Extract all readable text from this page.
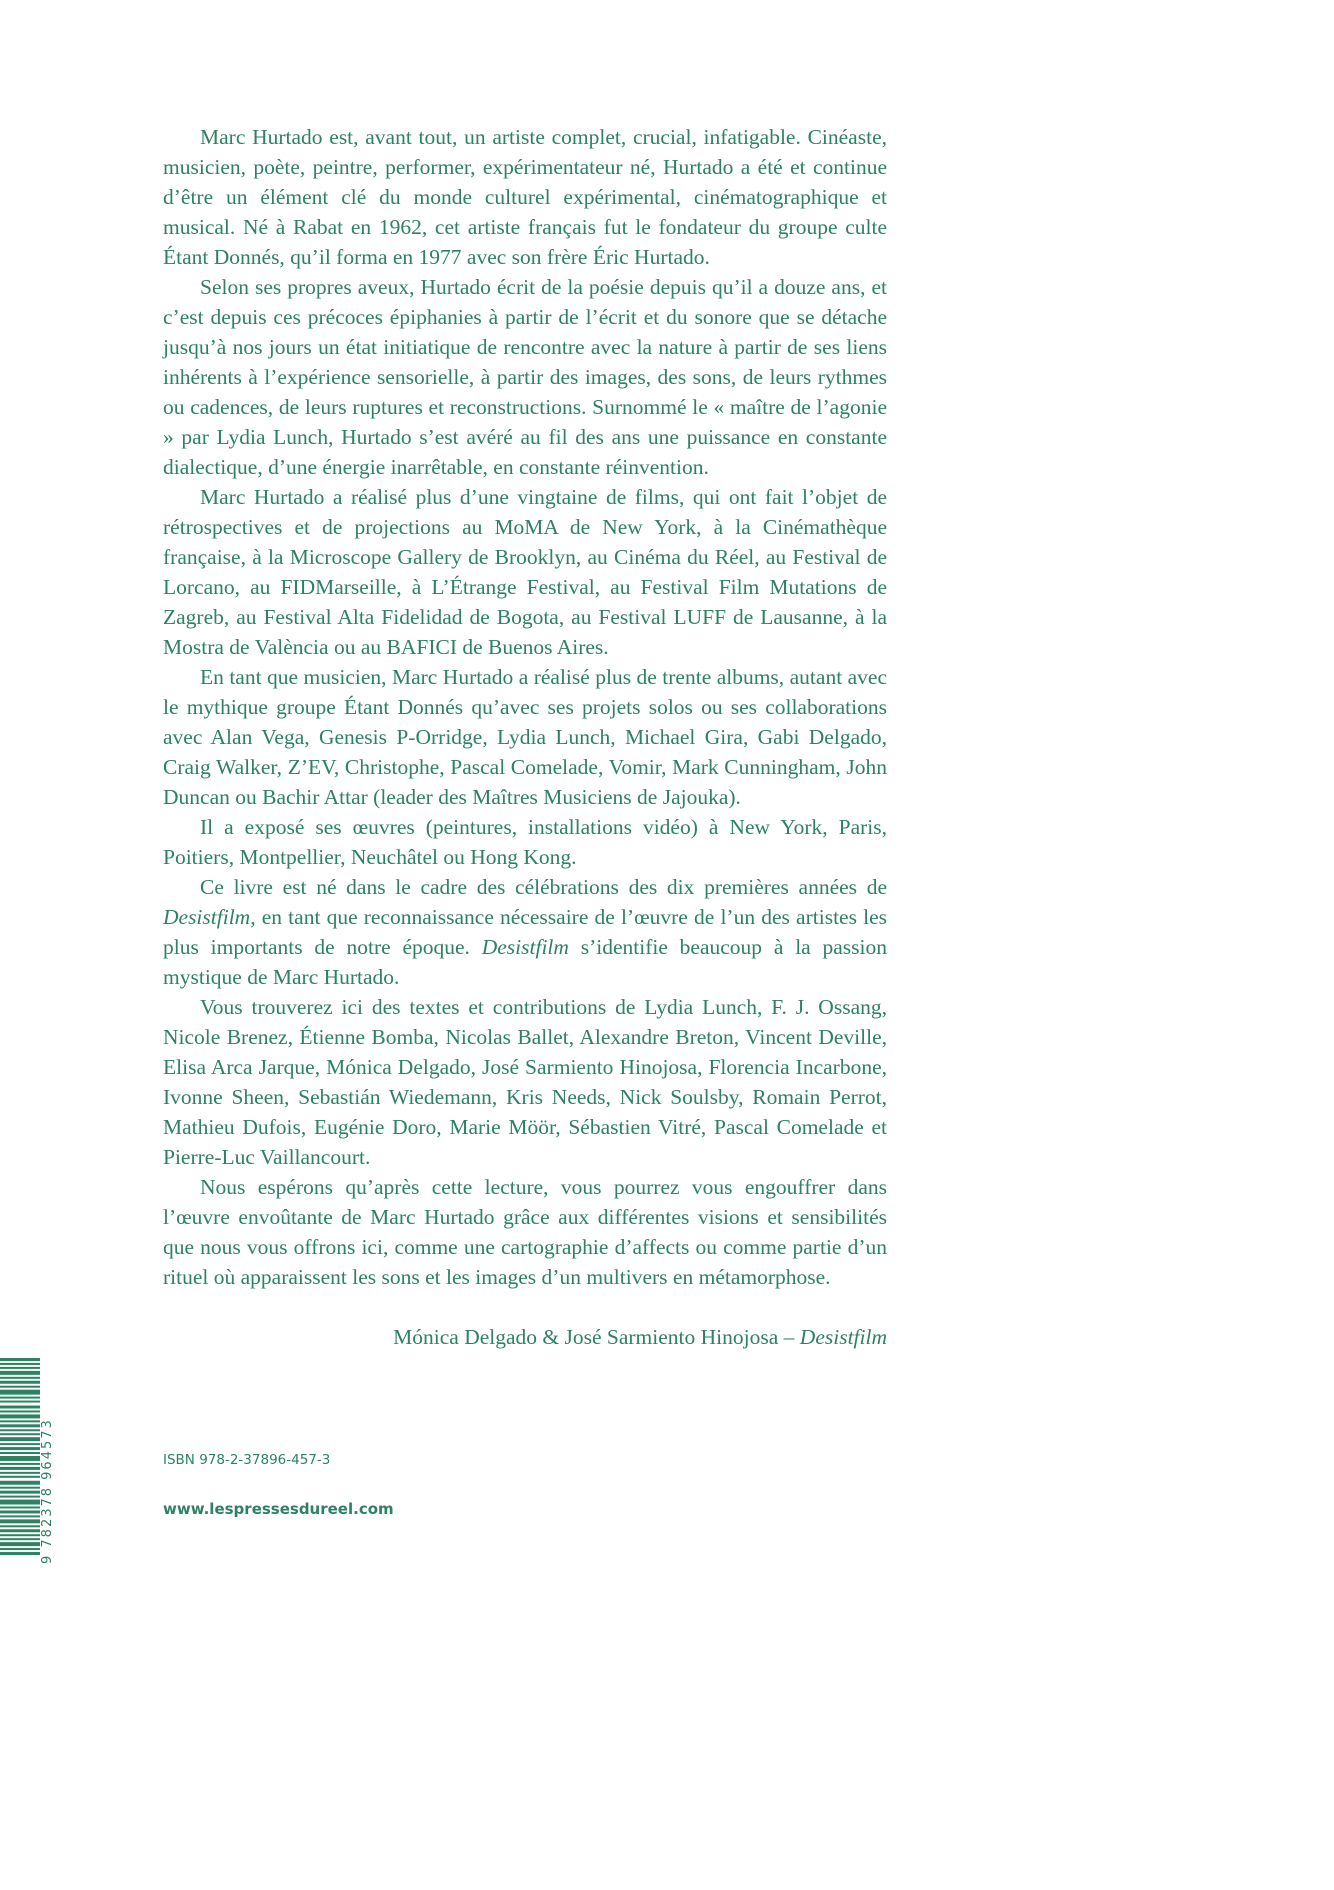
Marc Hurtado est, avant tout, un artiste complet, crucial, infatigable. Cinéaste, musicien, poète, peintre, performer, expérimentateur né, Hurtado a été et continue d’être un élément clé du monde culturel expérimental, cinématographique et musical. Né à Rabat en 1962, cet artiste français fut le fondateur du groupe culte Étant Donnés, qu’il forma en 1977 avec son frère Éric Hurtado.

Selon ses propres aveux, Hurtado écrit de la poésie depuis qu’il a douze ans, et c’est depuis ces précoces épiphanies à partir de l’écrit et du sonore que se détache jusqu’à nos jours un état initiatique de rencontre avec la nature à partir de ses liens inhérents à l’expérience sensorielle, à partir des images, des sons, de leurs rythmes ou cadences, de leurs ruptures et reconstructions. Surnommé le « maître de l’agonie » par Lydia Lunch, Hurtado s’est avéré au fil des ans une puissance en constante dialectique, d’une énergie inarrêtable, en constante réinvention.

Marc Hurtado a réalisé plus d’une vingtaine de films, qui ont fait l’objet de rétrospectives et de projections au MoMA de New York, à la Cinémathèque française, à la Microscope Gallery de Brooklyn, au Cinéma du Réel, au Festival de Lorcano, au FIDMarseille, à L’Étrange Festival, au Festival Film Mutations de Zagreb, au Festival Alta Fidelidad de Bogota, au Festival LUFF de Lausanne, à la Mostra de València ou au BAFICI de Buenos Aires.

En tant que musicien, Marc Hurtado a réalisé plus de trente albums, autant avec le mythique groupe Étant Donnés qu’avec ses projets solos ou ses collaborations avec Alan Vega, Genesis P-Orridge, Lydia Lunch, Michael Gira, Gabi Delgado, Craig Walker, Z’EV, Christophe, Pascal Comelade, Vomir, Mark Cunningham, John Duncan ou Bachir Attar (leader des Maîtres Musiciens de Jajouka).

Il a exposé ses œuvres (peintures, installations vidéo) à New York, Paris, Poitiers, Montpellier, Neuchâtel ou Hong Kong.

Ce livre est né dans le cadre des célébrations des dix premières années de Desistfilm, en tant que reconnaissance nécessaire de l’œuvre de l’un des artistes les plus importants de notre époque. Desistfilm s’identifie beaucoup à la passion mystique de Marc Hurtado.

Vous trouverez ici des textes et contributions de Lydia Lunch, F. J. Ossang, Nicole Brenez, Étienne Bomba, Nicolas Ballet, Alexandre Breton, Vincent Deville, Elisa Arca Jarque, Mónica Delgado, José Sarmiento Hinojosa, Florencia Incarbone, Ivonne Sheen, Sebastián Wiedemann, Kris Needs, Nick Soulsby, Romain Perrot, Mathieu Dufois, Eugénie Doro, Marie Möör, Sébastien Vitré, Pascal Comelade et Pierre-Luc Vaillancourt.

Nous espérons qu’après cette lecture, vous pourrez vous engouffrer dans l’œuvre envoûtante de Marc Hurtado grâce aux différentes visions et sensibilités que nous vous offrons ici, comme une cartographie d’affects ou comme partie d’un rituel où apparaissent les sons et les images d’un multivers en métamorphose.

Mónica Delgado & José Sarmiento Hinojosa – Desistfilm

9 782378 964573	ISBN 978-2-37896-457-3
www.lespressesdureel.com
